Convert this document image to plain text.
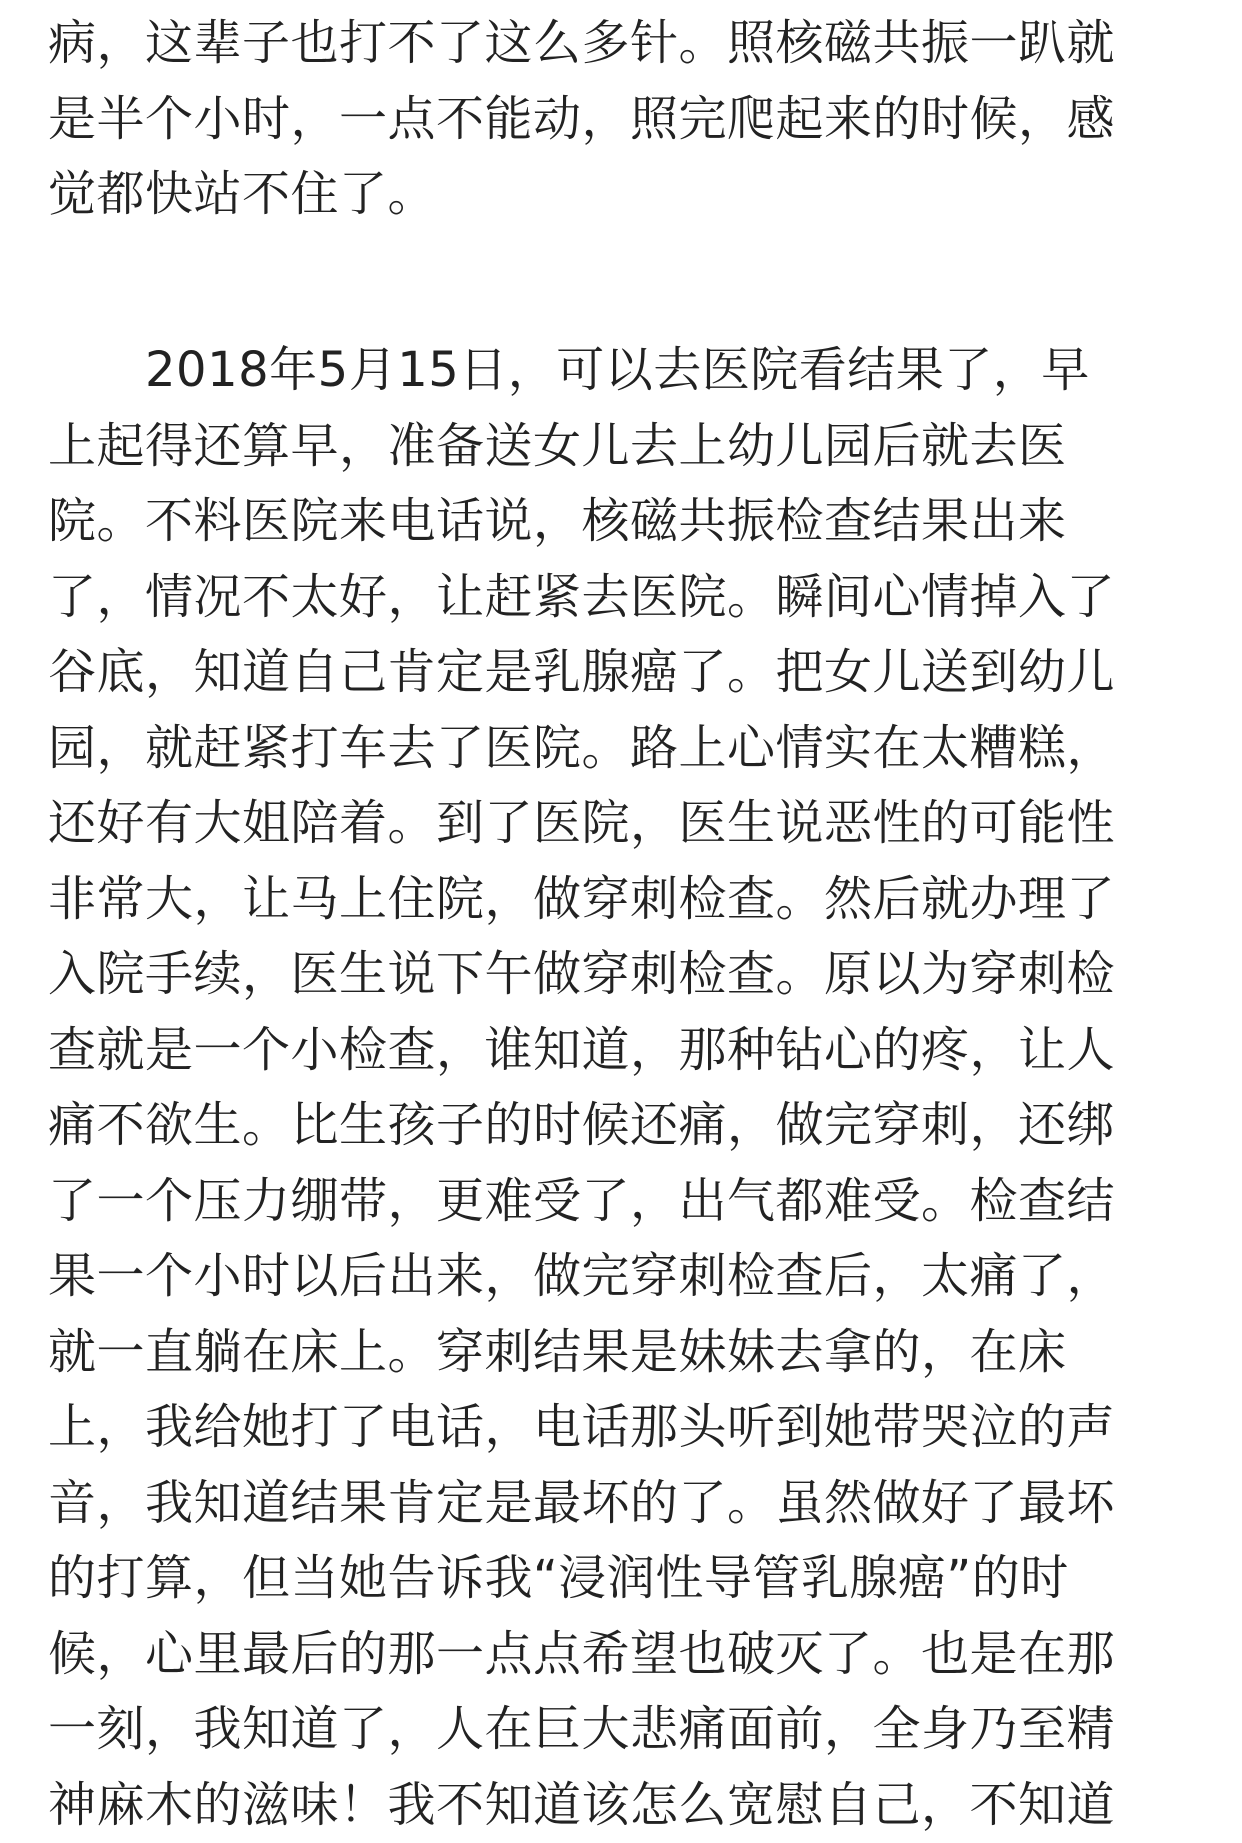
病，这辈子也打不了这么多针。照核磁共振一趴就
是半个小时，一点不能动，照完爬起来的时候，感
觉都快站不住了。

　　2018年5月15日，可以去医院看结果了，早
上起得还算早，准备送女儿去上幼儿园后就去医
院。不料医院来电话说，核磁共振检查结果出来
了，情况不太好，让赶紧去医院。瞬间心情掉入了
谷底，知道自己肯定是乳腺癌了。把女儿送到幼儿
园，就赶紧打车去了医院。路上心情实在太糟糕，
还好有大姐陪着。到了医院，医生说恶性的可能性
非常大，让马上住院，做穿刺检查。然后就办理了
入院手续，医生说下午做穿刺检查。原以为穿刺检
查就是一个小检查，谁知道，那种钻心的疼，让人
痛不欲生。比生孩子的时候还痛，做完穿刺，还绑
了一个压力绷带，更难受了，出气都难受。检查结
果一个小时以后出来，做完穿刺检查后，太痛了，
就一直躺在床上。穿刺结果是妹妹去拿的，在床
上，我给她打了电话，电话那头听到她带哭泣的声
音，我知道结果肯定是最坏的了。虽然做好了最坏
的打算，但当她告诉我“浸润性导管乳腺癌”的时
候，心里最后的那一点点希望也破灭了。也是在那
一刻，我知道了，人在巨大悲痛面前，全身乃至精
神麻木的滋味！我不知道该怎么宽慰自己，不知道
